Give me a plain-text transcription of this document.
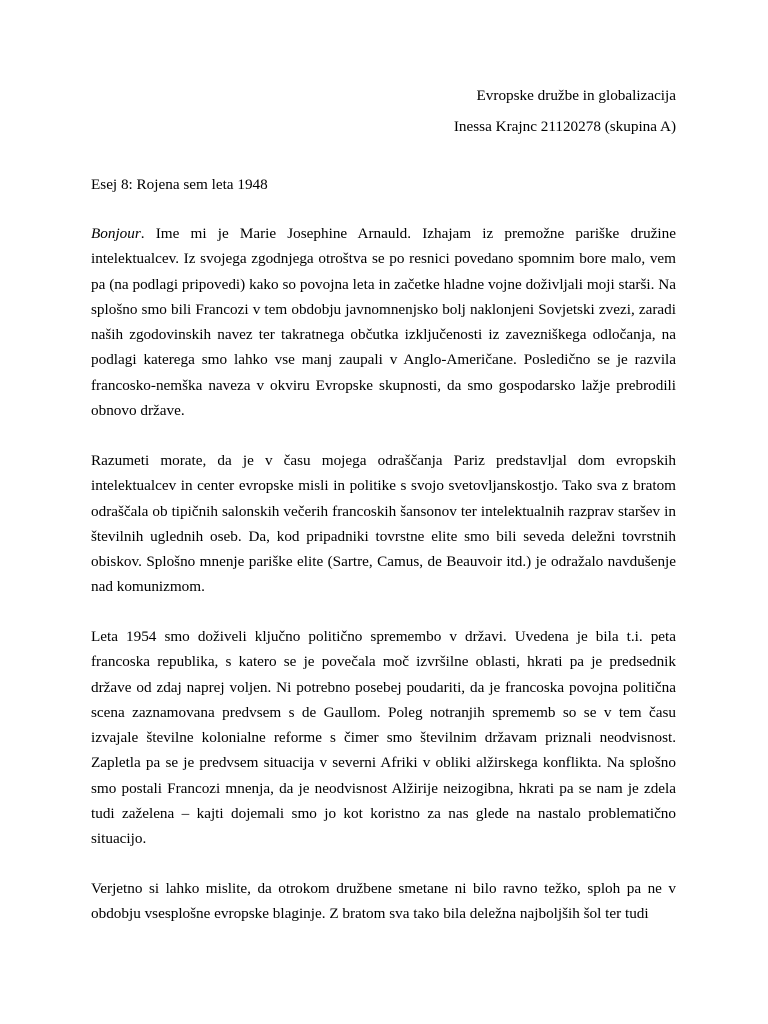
Evropske družbe in globalizacija
Inessa Krajnc 21120278 (skupina A)
Esej 8: Rojena sem leta 1948

Bonjour. Ime mi je Marie Josephine Arnauld. Izhajam iz premožne pariške družine intelektualcev. Iz svojega zgodnjega otroštva se po resnici povedano spomnim bore malo, vem pa (na podlagi pripovedi) kako so povojna leta in začetke hladne vojne doživljali moji starši. Na splošno smo bili Francozi v tem obdobju javnomnenjsko bolj naklonjeni Sovjetski zvezi, zaradi naših zgodovinskih navez ter takratnega občutka izključenosti iz zavezniškega odločanja, na podlagi katerega smo lahko vse manj zaupali v Anglo-Američane. Posledično se je razvila francosko-nemška naveza v okviru Evropske skupnosti, da smo gospodarsko lažje prebrodili obnovo države.

Razumeti morate, da je v času mojega odraščanja Pariz predstavljal dom evropskih intelektualcev in center evropske misli in politike s svojo svetovljanskostjo. Tako sva z bratom odraščala ob tipičnih salonskih večerih francoskih šansonov ter intelektualnih razprav staršev in številnih uglednih oseb. Da, kod pripadniki tovrstne elite smo bili seveda deležni tovrstnih obiskov. Splošno mnenje pariške elite (Sartre, Camus, de Beauvoir itd.) je odražalo navdušenje nad komunizmom.

Leta 1954 smo doživeli ključno politično spremembo v državi. Uvedena je bila t.i. peta francoska republika, s katero se je povečala moč izvršilne oblasti, hkrati pa je predsednik države od zdaj naprej voljen. Ni potrebno posebej poudariti, da je francoska povojna politična scena zaznamovana predvsem s de Gaullom. Poleg notranjih sprememb so se v tem času izvajale številne kolonialne reforme s čimer smo številnim državam priznali neodvisnost. Zapletla pa se je predvsem situacija v severni Afriki v obliki alžirskega konflikta. Na splošno smo postali Francozi mnenja, da je neodvisnost Alžirije neizogibna, hkrati pa se nam je zdela tudi zaželena – kajti dojemali smo jo kot koristno za nas glede na nastalo problematično situacijo.

Verjetno si lahko mislite, da otrokom družbene smetane ni bilo ravno težko, sploh pa ne v obdobju vsesplošne evropske blaginje. Z bratom sva tako bila deležna najboljših šol ter tudi
